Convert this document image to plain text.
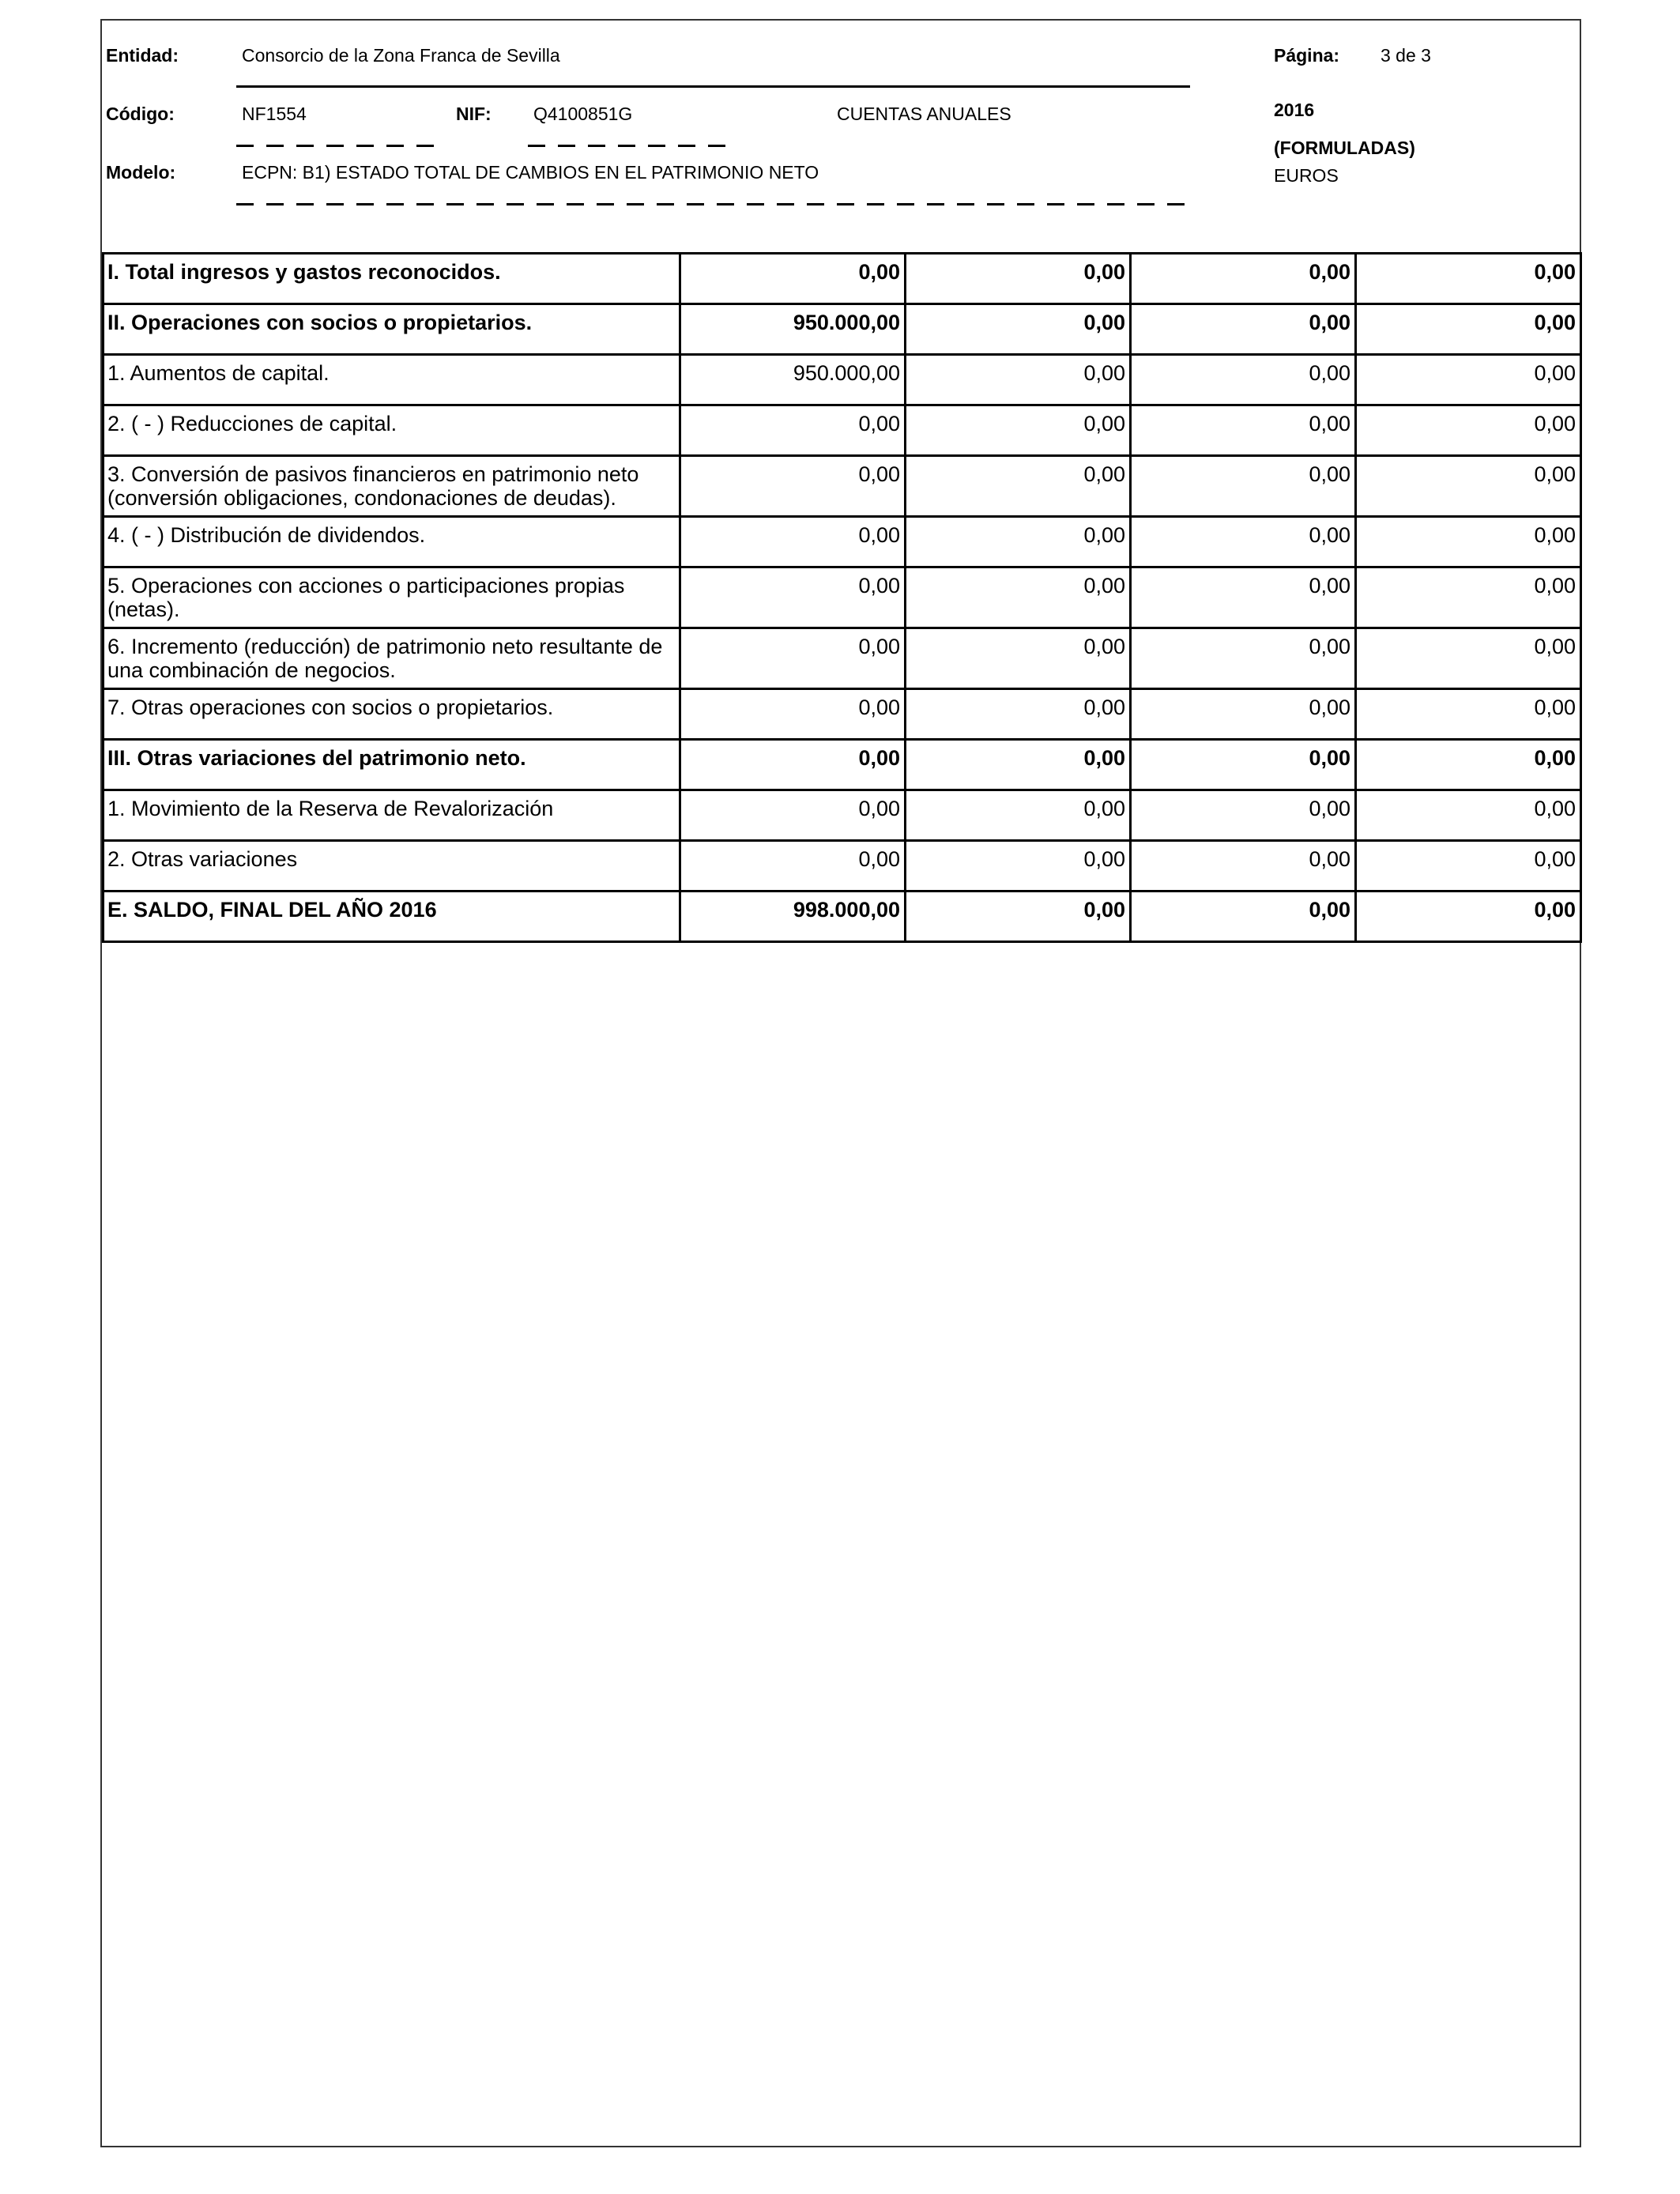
Entidad:	Consorcio de la Zona Franca de Sevilla	Página: 3 de 3
Código:	NF1554	NIF: Q4100851G	CUENTAS ANUALES	2016
(FORMULADAS)
EUROS
Modelo:	ECPN: B1) ESTADO TOTAL DE CAMBIOS EN EL PATRIMONIO NETO
I. Total ingresos y gastos reconocidos.	0,00	0,00	0,00	0,00
II. Operaciones con socios o propietarios.	950.000,00	0,00	0,00	0,00
1. Aumentos de capital.	950.000,00	0,00	0,00	0,00
2. ( - ) Reducciones de capital.	0,00	0,00	0,00	0,00
3. Conversión de pasivos financieros en patrimonio neto (conversión obligaciones, condonaciones de deudas).	0,00	0,00	0,00	0,00
4. ( - ) Distribución de dividendos.	0,00	0,00	0,00	0,00
5. Operaciones con acciones o participaciones propias (netas).	0,00	0,00	0,00	0,00
6. Incremento (reducción) de patrimonio neto resultante de una combinación de negocios.	0,00	0,00	0,00	0,00
7. Otras operaciones con socios o propietarios.	0,00	0,00	0,00	0,00
III. Otras variaciones del patrimonio neto.	0,00	0,00	0,00	0,00
1. Movimiento de la Reserva de Revalorización	0,00	0,00	0,00	0,00
2. Otras variaciones	0,00	0,00	0,00	0,00
E. SALDO, FINAL DEL AÑO 2016	998.000,00	0,00	0,00	0,00
